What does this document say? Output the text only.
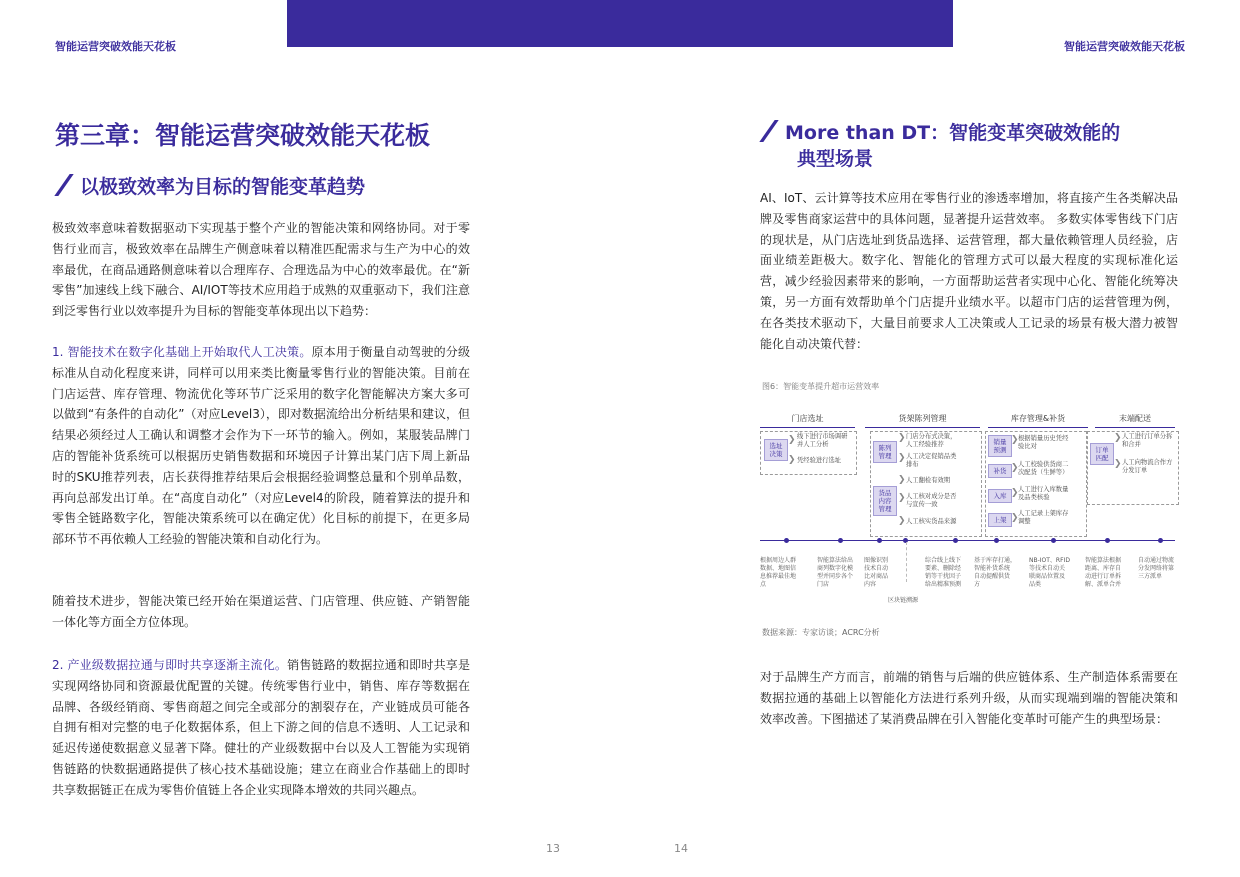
智能运营突破效能天花板	智能运营突破效能天花板
第三章：智能运营突破效能天花板
以极致效率为目标的智能变革趋势

极致效率意味着数据驱动下实现基于整个产业的智能决策和网络协同。对于零售行业而言，极致效率在品牌生产侧意味着以精准匹配需求与生产为中心的效率最优，在商品通路侧意味着以合理库存、合理选品为中心的效率最优。在“新零售”加速线上线下融合、AI/IOT等技术应用趋于成熟的双重驱动下，我们注意到泛零售行业以效率提升为目标的智能变革体现出以下趋势：

1. 智能技术在数字化基础上开始取代人工决策。原本用于衡量自动驾驶的分级标准从自动化程度来讲，同样可以用来类比衡量零售行业的智能决策。目前在门店运营、库存管理、物流优化等环节广泛采用的数字化智能解决方案大多可以做到“有条件的自动化”（对应Level3），即对数据流给出分析结果和建议，但结果必须经过人工确认和调整才会作为下一环节的输入。例如，某服装品牌门店的智能补货系统可以根据历史销售数据和环境因子计算出某门店下周上新品时的SKU推荐列表，店长获得推荐结果后会根据经验调整总量和个别单品数，再向总部发出订单。在“高度自动化”（对应Level4的阶段，随着算法的提升和零售全链路数字化，智能决策系统可以在确定优）化目标的前提下，在更多局部环节不再依赖人工经验的智能决策和自动化行为。

随着技术进步，智能决策已经开始在渠道运营、门店管理、供应链、产销智能一体化等方面全方位体现。

2. 产业级数据拉通与即时共享逐渐主流化。销售链路的数据拉通和即时共享是实现网络协同和资源最优配置的关键。传统零售行业中，销售、库存等数据在品牌、各级经销商、零售商超之间完全或部分的割裂存在，产业链成员可能各自拥有相对完整的电子化数据体系，但上下游之间的信息不透明、人工记录和延迟传递使数据意义显著下降。健壮的产业级数据中台以及人工智能为实现销售链路的快数据通路提供了核心技术基础设施；建立在商业合作基础上的即时共享数据链正在成为零售价值链上各企业实现降本增效的共同兴趣点。

13
More than DT：智能变革突破效能的
典型场景

AI、IoT、云计算等技术应用在零售行业的渗透率增加，将直接产生各类解决品牌及零售商家运营中的具体问题，显著提升运营效率。 多数实体零售线下门店的现状是，从门店选址到货品选择、运营管理，都大量依赖管理人员经验，店面业绩差距极大。数字化、智能化的管理方式可以最大程度的实现标准化运营，减少经验因素带来的影响，一方面帮助运营者实现中心化、智能化统筹决策，另一方面有效帮助单个门店提升业绩水平。以超市门店的运营管理为例，在各类技术驱动下，大量目前要求人工决策或人工记录的场景有极大潜力被智能化自动决策代替：

图6：智能变革提升超市运营效率
门店选址	货架陈列管理	库存管理&补货	末端配送
选址
决策
❯ 线下进行市场调研
并人工分析
❯ 凭经验进行选址
陈列
管理
货品
内容
管理
❯ 门店分布式决策，
人工经验推荐
❯ 人工决定促销品类
排布
❯ 人工翻检有效期
❯ 人工核对成分是否
与宣传一致
❯ 人工核实货品来源
销量
预测
补货
入库
上架
❯ 根据销量历史凭经
验比对
❯ 人工校验供货商二
次配货（生鲜等）
❯ 人工进行入库数量
及品类核验
❯ 人工记录上架库存
调整
订单
匹配
❯ 人工进行订单分拆
和合并
❯ 人工向物流合作方
分发订单
根据周边人群
数据、地图信
息推荐最佳地
点
智能算法给出
商列数字化模
型并同步各个
门店
图像识别
技术自动
比对商品
内容
区块链溯源
综合线上线下
要素、删除经
销等干扰因子
给出精准预测
基于库存打通，
智能补货系统
自动提醒供货
方
NB-IOT、RFID
等技术自动关
联商品位置及
品类
智能算法根据
距离、库存自
动进行订单拆
解、派单合并
自动通过物流
分发网络将第
三方派单
数据来源：专家访谈；ACRC分析

对于品牌生产方而言，前端的销售与后端的供应链体系、生产制造体系需要在数据拉通的基础上以智能化方法进行系列升级，从而实现端到端的智能决策和效率改善。下图描述了某消费品牌在引入智能化变革时可能产生的典型场景：

14
